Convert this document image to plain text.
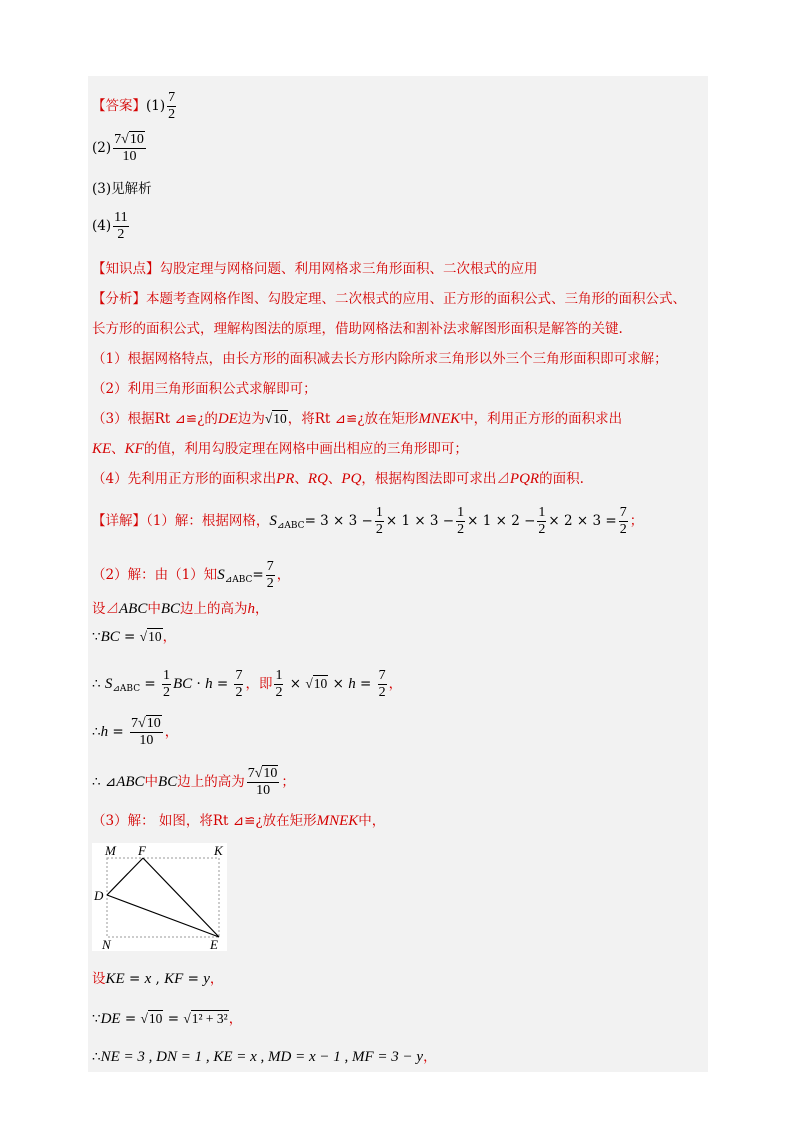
【答案】$(1) \frac{7}{2}$
$(2) \frac{7√10}{10}$
(3)见解析
$(4) \frac{11}{2}$
【知识点】勾股定理与网格问题、利用网格求三角形面积、二次根式的应用
【分析】本题考查网格作图、勾股定理、二次根式的应用、正方形的面积公式、三角形的面积公式、
长方形的面积公式，理解构图法的原理，借助网格法和割补法求解图形面积是解答的关键.
（1）根据网格特点，由长方形的面积减去长方形内除所求三角形以外三个三角形面积即可求解；
（2）利用三角形面积公式求解即可；
（3）根据Rt ⊿≌¿的DE边为√10，将Rt ⊿≌¿放在矩形MNEK中，利用正方形的面积求出
KE、KF的值，利用勾股定理在网格中画出相应的三角形即可；
（4）先利用正方形的面积求出PR、RQ、PQ，根据构图法即可求出⊿PQR的面积.
【详解】（1）解：根据网格，$S_{⊿ABC}= 3 \times 3 - \frac{1}{2} \times 1 \times 3 - \frac{1}{2} \times 1 \times 2 - \frac{1}{2} \times 2 \times 3 = \frac{7}{2}$ ；
（2）解：由（1）知$S_{⊿ABC}= \frac{7}{2}$ ，
设⊿ABC中BC边上的高为h，
∵BC = √10，
∴ $S_{⊿ABC} = \frac{1}{2}$ BC · $h = \frac{7}{2}$ ，即 $\frac{1}{2} \times √10 \times h = \frac{7}{2}$ ，
∴h = $\frac{7√10}{10}$ ，
∴ ⊿ABC中BC边上的高为 $\frac{7√10}{10}$ ；
（3）解： 如图，将Rt ⊿≌¿放在矩形MNEK中，
M F	K
D
N	E
设KE = x , KF = y，
∵DE = √10 = √1² + 3²，
∴NE = 3 , DN = 1 , KE = x , MD = x − 1 , MF = 3 − y，
